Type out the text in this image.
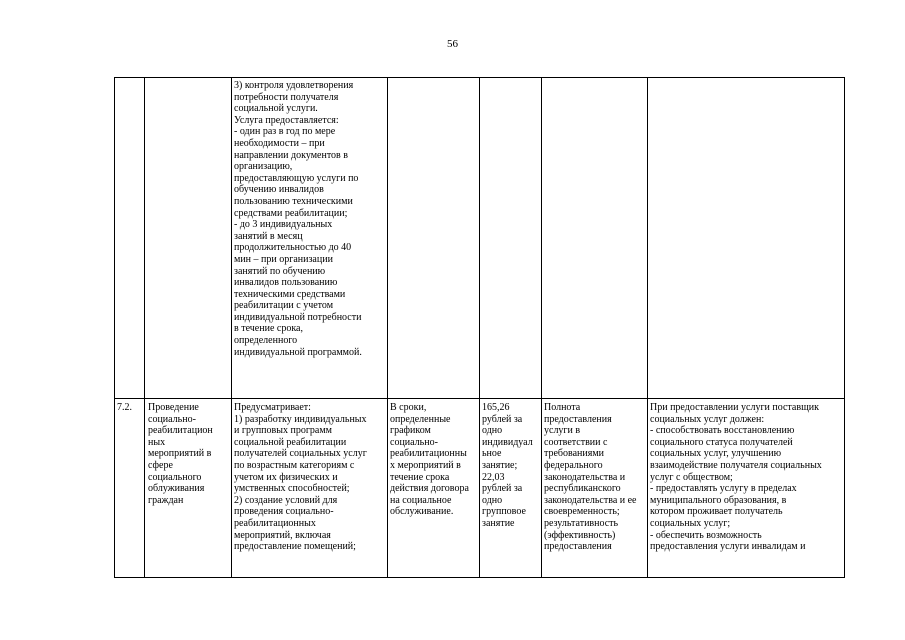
56
3) контроля удовлетворения
потребности получателя
социальной услуги.
Услуга предоставляется:
- один раз в год по мере
необходимости – при
направлении документов в
организацию,
предоставляющую услуги по
обучению инвалидов
пользованию техническими
средствами реабилитации;
- до 3 индивидуальных
занятий в месяц
продолжительностью до 40
мин – при организации
занятий по обучению
инвалидов пользованию
техническими средствами
реабилитации с учетом
индивидуальной потребности
в течение срока,
определенного
индивидуальной программой.
7.2.	Проведение
социально-
реабилитацион
ных
мероприятий в
сфере
социального
облуживания
граждан
Предусматривает:
1) разработку индивидуальных
и групповых программ
социальной реабилитации
получателей социальных услуг
по возрастным категориям с
учетом их физических и
умственных способностей;
2) создание условий для
проведения социально-
реабилитационных
мероприятий, включая
предоставление помещений;
В сроки,
определенные
графиком
социально-
реабилитационны
х мероприятий в
течение срока
действия договора
на социальное
обслуживание.
165,26
рублей за
одно
индивидуал
ьное
занятие;
22,03
рублей за
одно
групповое
занятие
Полнота
предоставления
услуги в
соответствии с
требованиями
федерального
законодательства и
республиканского
законодательства и ее
своевременность;
результативность
(эффективность)
предоставления
При предоставлении услуги поставщик
социальных услуг должен:
- способствовать восстановлению
социального статуса получателей
социальных услуг, улучшению
взаимодействие получателя социальных
услуг с обществом;
- предоставлять услугу в пределах
муниципального образования, в
котором проживает получатель
социальных услуг;
- обеспечить возможность
предоставления услуги инвалидам и
